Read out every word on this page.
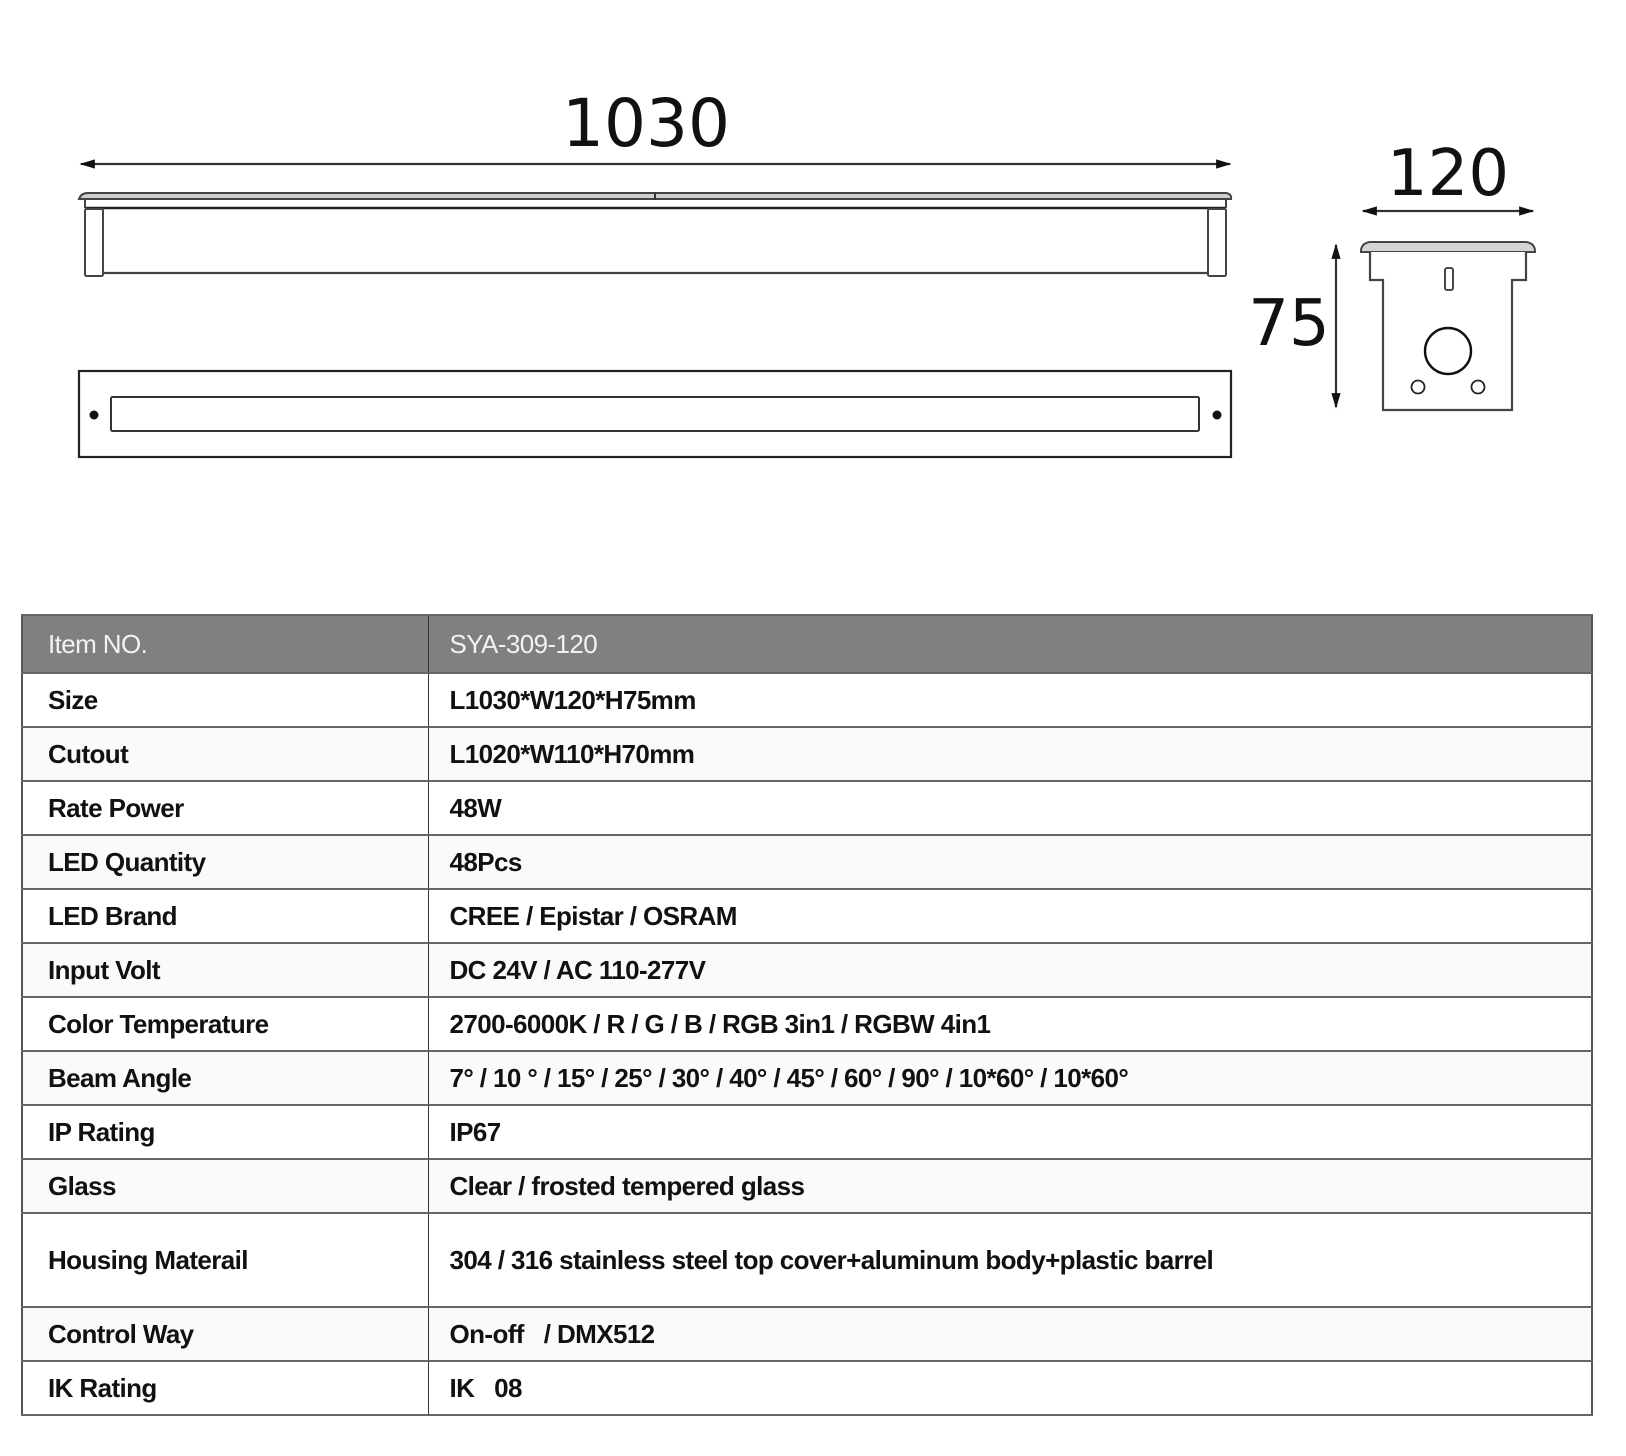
1030
120
75
Item NO.	SYA-309-120
Size	L1030*W120*H75mm
Cutout	L1020*W110*H70mm
Rate Power	48W
LED Quantity	48Pcs
LED Brand	CREE / Epistar / OSRAM
Input Volt	DC 24V / AC 110-277V
Color Temperature	2700-6000K / R / G / B / RGB 3in1 / RGBW 4in1
Beam Angle	7° / 10 ° / 15° / 25° / 30° / 40° / 45° / 60° / 90° / 10*60° / 10*60°
IP Rating	IP67
Glass	Clear / frosted tempered glass
Housing Materail	304 / 316 stainless steel top cover+aluminum body+plastic barrel
Control Way	On-off   / DMX512
IK Rating	IK   08
